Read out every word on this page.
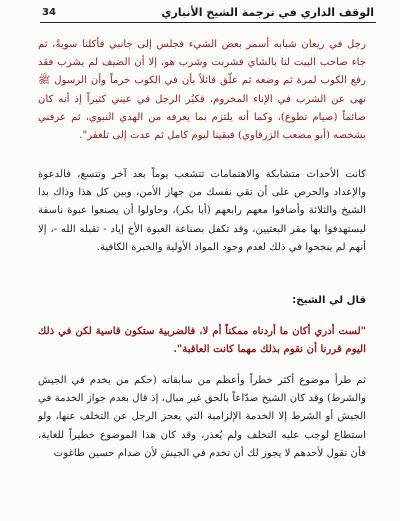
الوقف الداري في ترجمة الشيخ الأنباري
34

رجل في ريعان شبابه أسمر بعض الشيء فجلس إلى جانبي فأكلنا سويةً، ثم جاء صاحب البيت لنا بالشاي فشربت وشرب هو، إلا أن الضيف لم يشرب فقد رفع الكوب لمرة ثم وضعه ثم علّق قائلاً بأن في الكوب خرماً وأن الرسول ﷺ نهى عن الشرب في الإناء المخروم، فكبُر الرجل في عيني كثيراً إذ أنه كان صائماً (صيام تطوع)، وكما أنه يلتزم بما يعرفه من الهدي النبوي، ثم عرفني بشخصه (أبو مصعب الزرقاوي) فبقينا ليوم كامل ثم عدت إلى تلعفر".

كانت الأحداث متشابكة والاهتمامات تتشعب يوماً بعد آخر وتتسع، فالدعوة والإعداد والحرص على أن تقي نفسك من جهاز الأمن، وبين كل هذا وذاك بدا الشيخ والثلاثة وأضافوا معهم رابعهم (أبا بكر)، وحاولوا أن يصنعوا عبوة ناسفة ليستهدفوا بها مقر البعثيين، وقد تكفل بصناعة العبوة الأخ إياد - تقبله الله -، إلا أنهم لم ينجحوا في ذلك لعدم وجود المواد الأولية والخبرة الكافية.

قال لي الشيخ:

"لست أدري أكان ما أردناه ممكناً أم لا، فالضربية ستكون قاسية لكن في ذلك اليوم قررنا أن نقوم بذلك مهما كانت العاقبة".

ثم طرأ موضوع أكثر خطراً وأعظم من سابقاته (حكم من يخدم في الجيش والشرط) وقد كان الشيخ صدّاعاً بالحق غير مبال، إذ قال بعدم جواز الخدمة في الجيش أو الشرط إلا الخدمة الإلزامية التي يعجز الرجل عن التخلف عنها، ولو استطاع لوجب عليه التخلف ولم يُعذر، وقد كان هذا الموضوع خطيراً للغاية، فأن تقول لأحدهم لا يجوز لك أن تخدم في الجيش لأن صدام حسين طاغوت
